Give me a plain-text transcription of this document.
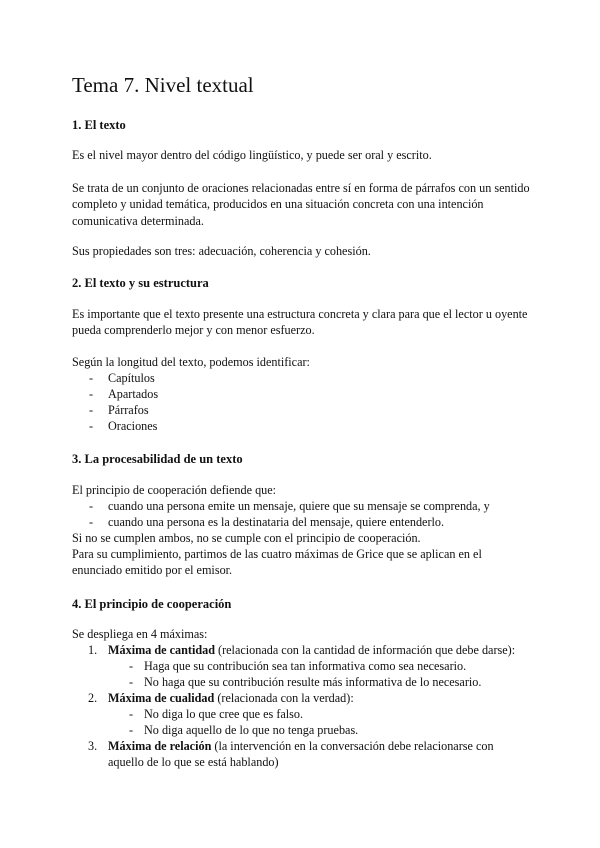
Tema 7. Nivel textual
1. El texto
Es el nivel mayor dentro del código lingüístico, y puede ser oral y escrito.
Se trata de un conjunto de oraciones relacionadas entre sí en forma de párrafos con un sentido completo y unidad temática, producidos en una situación concreta con una intención comunicativa determinada.
Sus propiedades son tres: adecuación, coherencia y cohesión.
2. El texto y su estructura
Es importante que el texto presente una estructura concreta y clara para que el lector u oyente pueda comprenderlo mejor y con menor esfuerzo.
Según la longitud del texto, podemos identificar:
- Capítulos
- Apartados
- Párrafos
- Oraciones
3. La procesabilidad de un texto
El principio de cooperación defiende que:
- cuando una persona emite un mensaje, quiere que su mensaje se comprenda, y
- cuando una persona es la destinataria del mensaje, quiere entenderlo.
Si no se cumplen ambos, no se cumple con el principio de cooperación.
Para su cumplimiento, partimos de las cuatro máximas de Grice que se aplican en el enunciado emitido por el emisor.
4. El principio de cooperación
Se despliega en 4 máximas:
1. Máxima de cantidad (relacionada con la cantidad de información que debe darse):
- Haga que su contribución sea tan informativa como sea necesario.
- No haga que su contribución resulte más informativa de lo necesario.
2. Máxima de cualidad (relacionada con la verdad):
- No diga lo que cree que es falso.
- No diga aquello de lo que no tenga pruebas.
3. Máxima de relación (la intervención en la conversación debe relacionarse con aquello de lo que se está hablando)
